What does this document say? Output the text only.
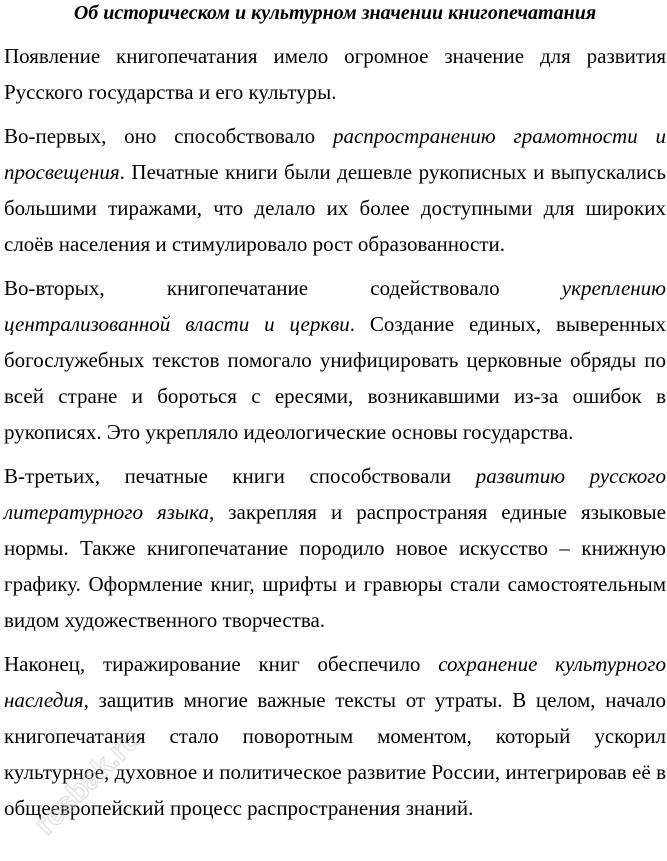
Об историческом и культурном значении книгопечатания

Появление книгопечатания имело огромное значение для развития Русского государства и его культуры.

Во-первых, оно способствовало распространению грамотности и просвещения. Печатные книги были дешевле рукописных и выпускались большими тиражами, что делало их более доступными для широких слоёв населения и стимулировало рост образованности.

Во-вторых, книгопечатание содействовало укреплению централизованной власти и церкви. Создание единых, выверенных богослужебных текстов помогало унифицировать церковные обряды по всей стране и бороться с ересями, возникавшими из-за ошибок в рукописях. Это укрепляло идеологические основы государства.

В-третьих, печатные книги способствовали развитию русского литературного языка, закрепляя и распространяя единые языковые нормы. Также книгопечатание породило новое искусство – книжную графику. Оформление книг, шрифты и гравюры стали самостоятельным видом художественного творчества.

Наконец, тиражирование книг обеспечило сохранение культурного наследия, защитив многие важные тексты от утраты. В целом, начало книгопечатания стало поворотным моментом, который ускорил культурное, духовное и политическое развитие России, интегрировав её в общеевропейский процесс распространения знаний.

resbak.ru
